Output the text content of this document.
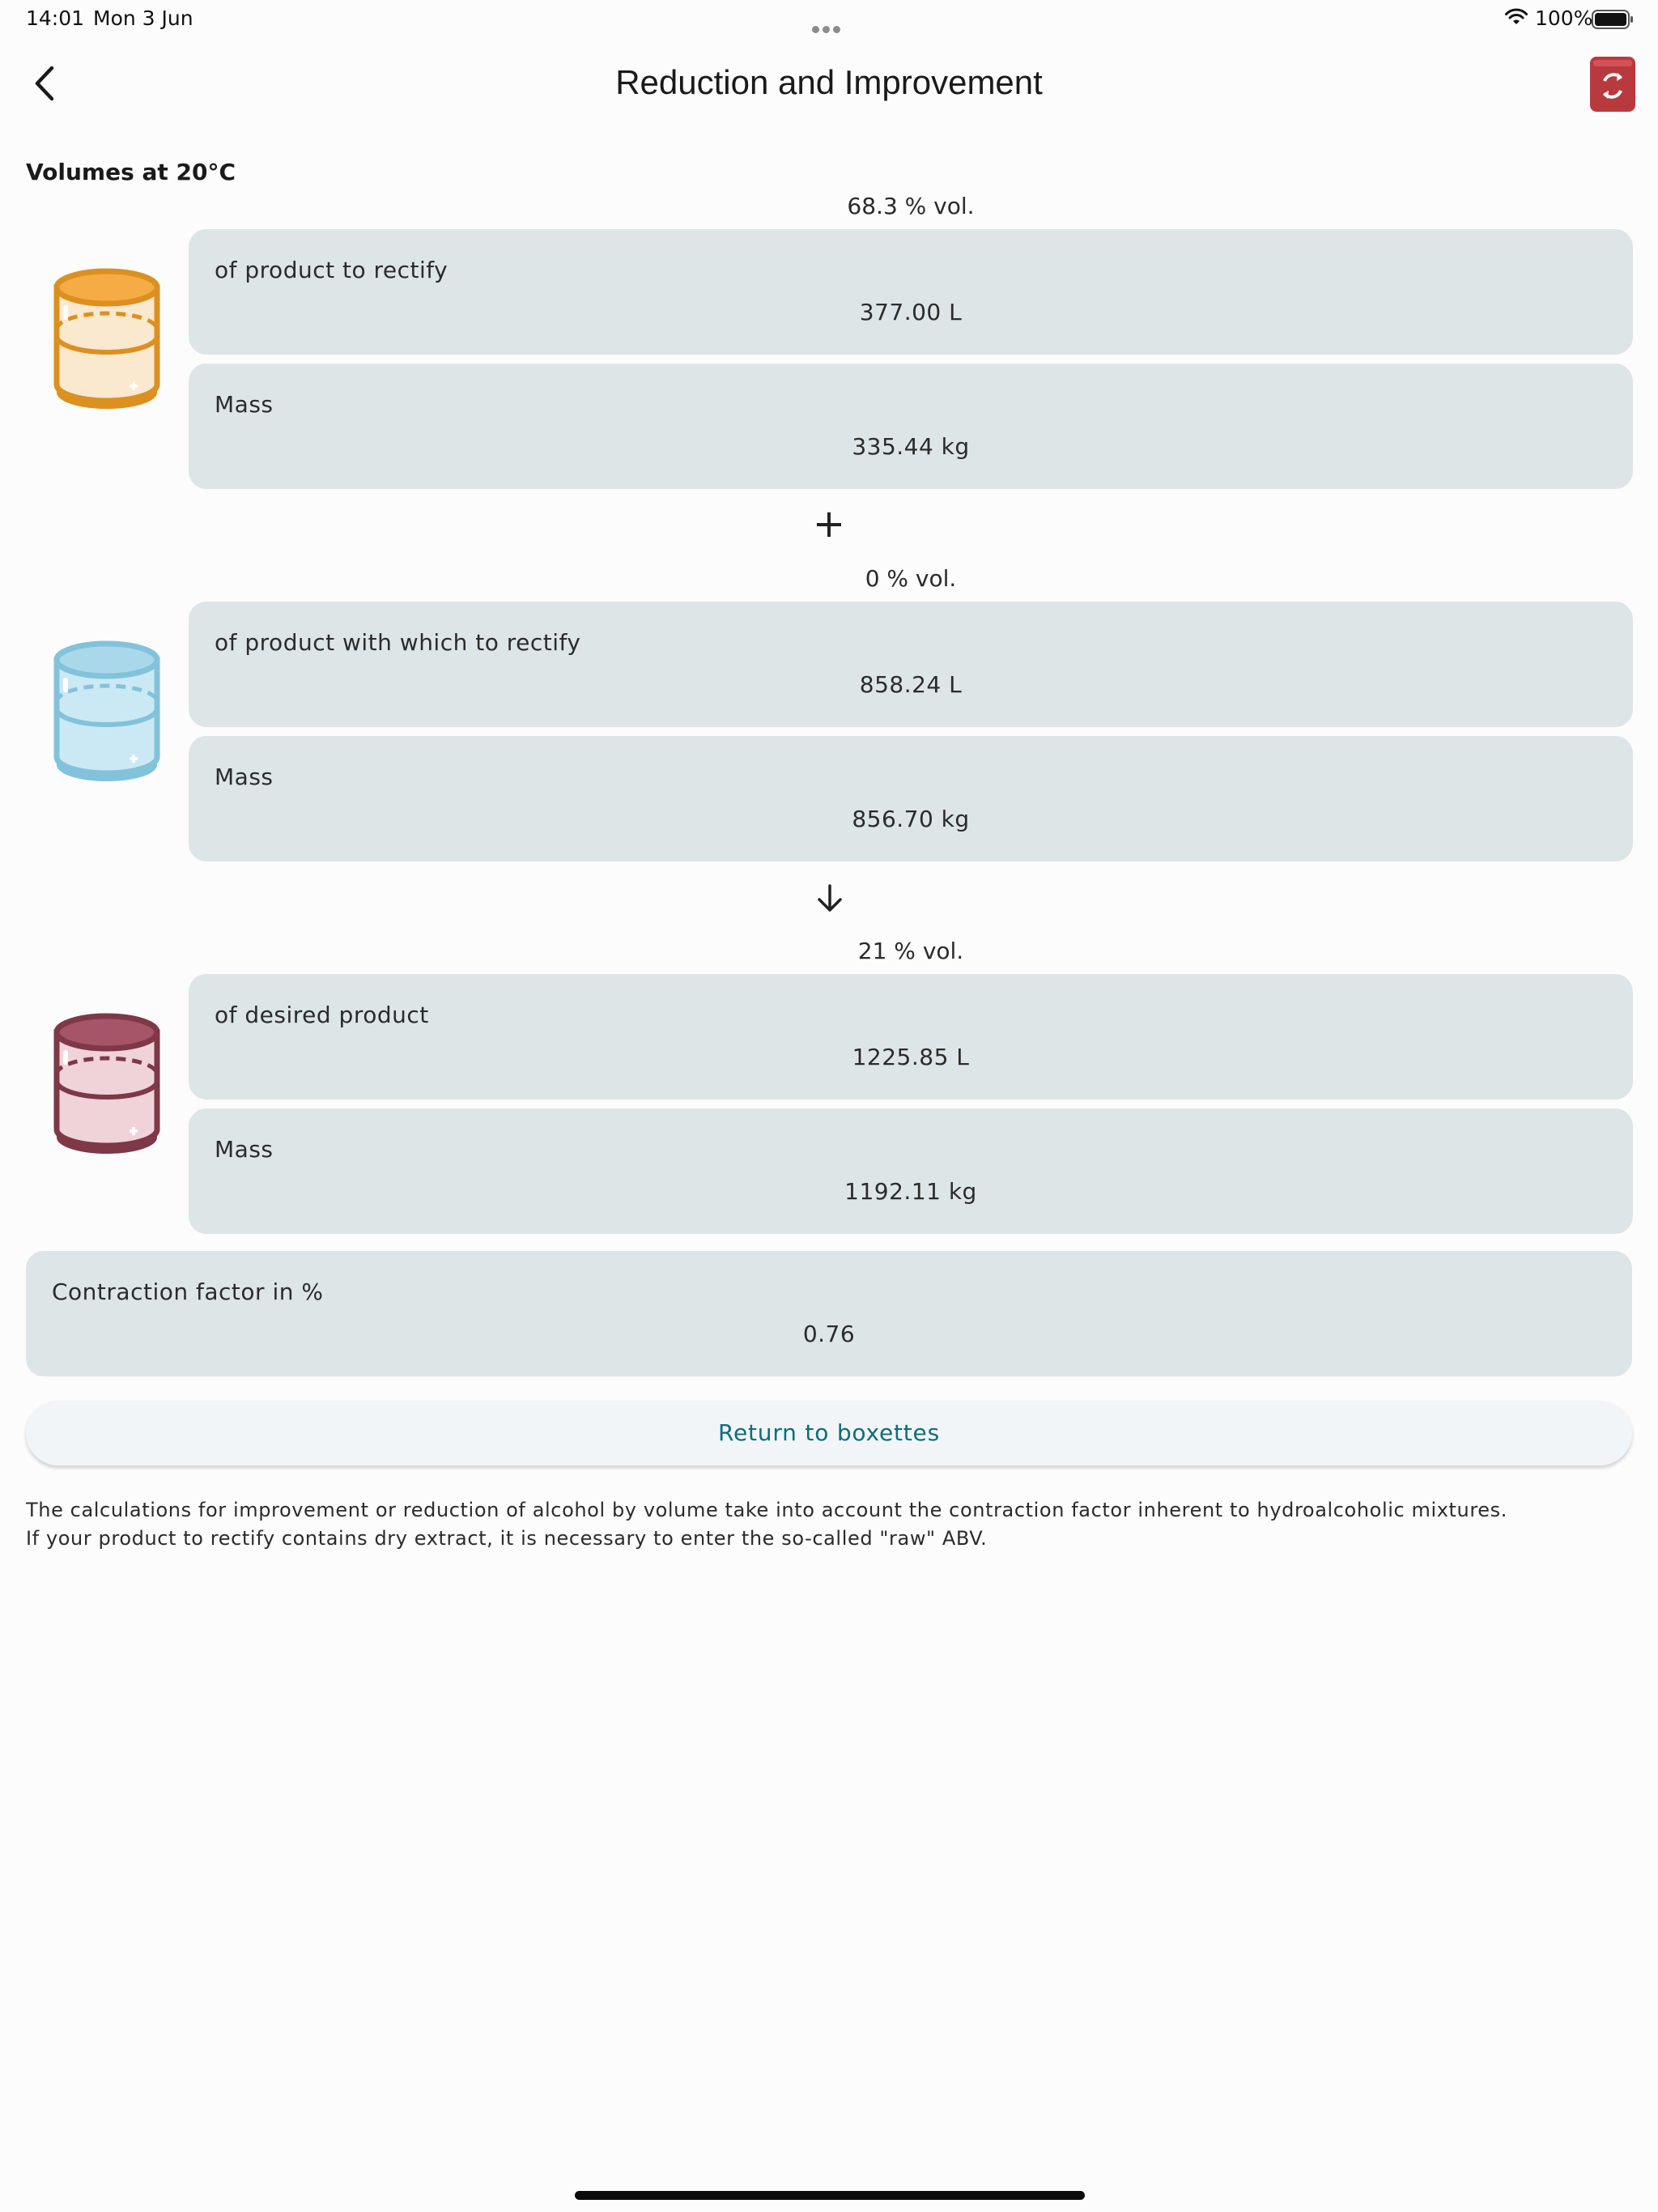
14:01 Mon 3 Jun	100%
Reduction and Improvement
Volumes at 20°C
68.3 % vol.
of product to rectify
377.00 L
Mass
335.44 kg
+
0 % vol.
of product with which to rectify
858.24 L
Mass
856.70 kg
21 % vol.
of desired product
1225.85 L
Mass
1192.11 kg
Contraction factor in %
0.76
Return to boxettes
The calculations for improvement or reduction of alcohol by volume take into account the contraction factor inherent to hydroalcoholic mixtures.
If your product to rectify contains dry extract, it is necessary to enter the so-called "raw" ABV.
